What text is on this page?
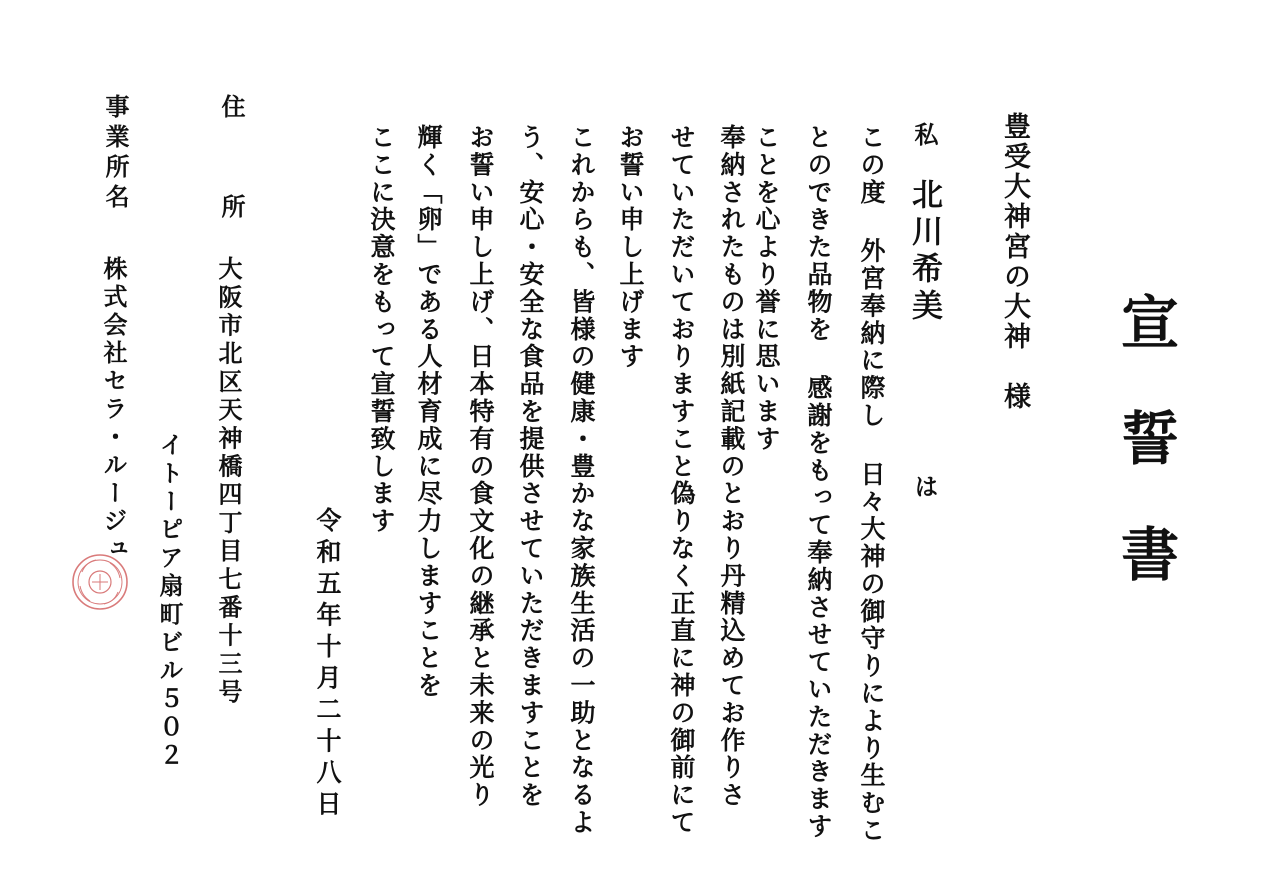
宣誓書
豊受大神宮の大神　様
私
北川希美
は
この度 外宮奉納に際し 日々大神の御守りにより生むこ
とのできた品物を 感謝をもって奉納させていただきます
ことを心より誉に思います
奉納されたものは別紙記載のとおり丹精込めてお作りさ
せていただいておりますこと偽りなく正直に神の御前にて
お誓い申し上げます
これからも、皆様の健康・豊かな家族生活の一助となるよ
う、安心・安全な食品を提供させていただきますことを
お誓い申し上げ、日本特有の食文化の継承と未来の光り
輝く「卵」である人材育成に尽力しますことを
ここに決意をもって宣誓致します
令和五年十月二十八日
住
所
大阪市北区天神橋四丁目七番十三号
イトーピア扇町ビル５０２
事業所名
株式会社セラ・ルージュ
